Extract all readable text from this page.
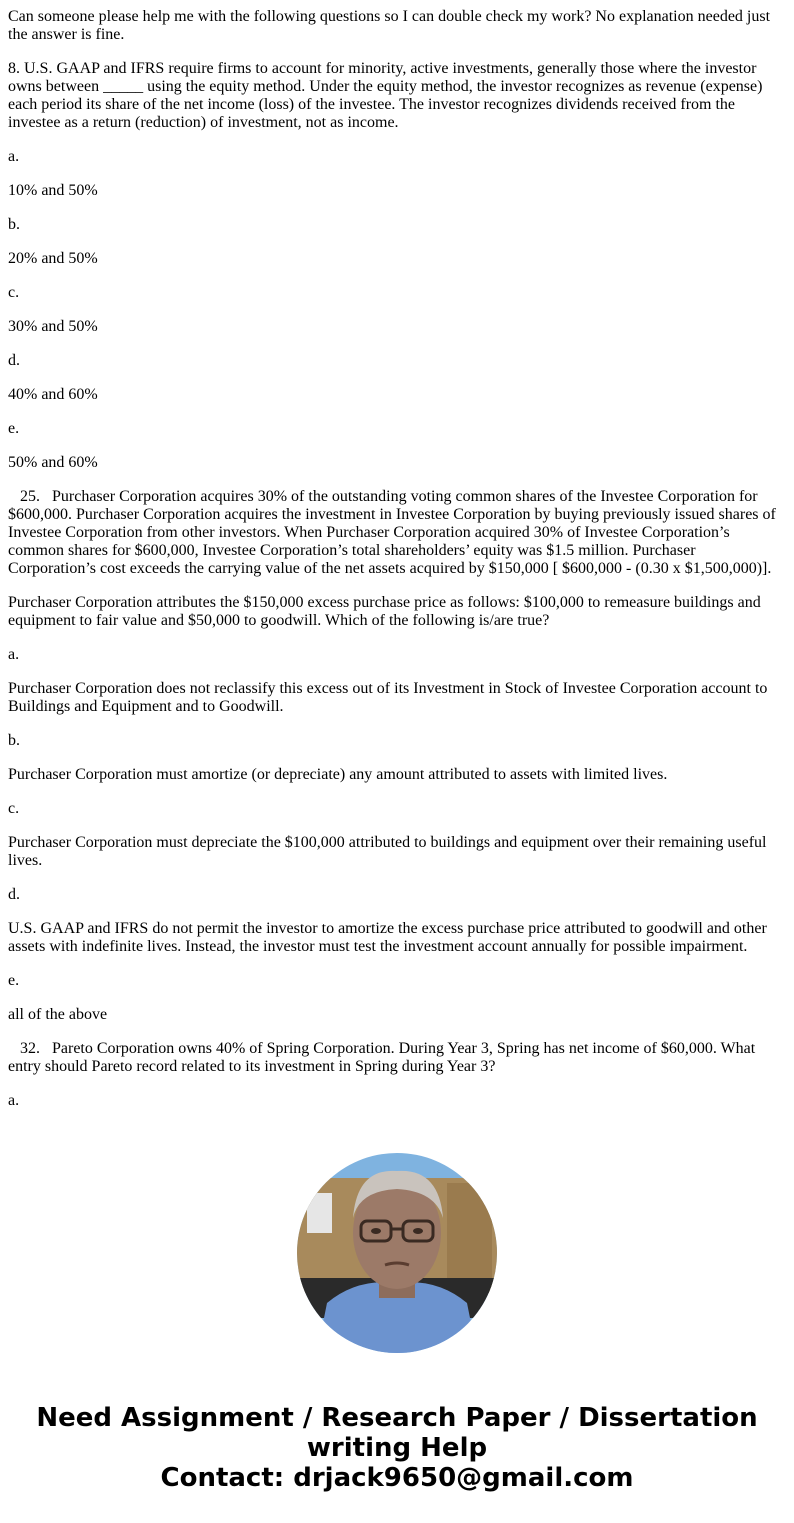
Can someone please help me with the following questions so I can double check my work? No explanation needed just the answer is fine.

8. U.S. GAAP and IFRS require firms to account for minority, active investments, generally those where the investor owns between _____ using the equity method. Under the equity method, the investor recognizes as revenue (expense) each period its share of the net income (loss) of the investee. The investor recognizes dividends received from the investee as a return (reduction) of investment, not as income.

a.

10% and 50%

b.

20% and 50%

c.

30% and 50%

d.

40% and 60%

e.

50% and 60%

25.   Purchaser Corporation acquires 30% of the outstanding voting common shares of the Investee Corporation for $600,000. Purchaser Corporation acquires the investment in Investee Corporation by buying previously issued shares of Investee Corporation from other investors. When Purchaser Corporation acquired 30% of Investee Corporation’s common shares for $600,000, Investee Corporation’s total shareholders’ equity was $1.5 million. Purchaser Corporation’s cost exceeds the carrying value of the net assets acquired by $150,000 [ $600,000 - (0.30 x $1,500,000)].

Purchaser Corporation attributes the $150,000 excess purchase price as follows: $100,000 to remeasure buildings and equipment to fair value and $50,000 to goodwill. Which of the following is/are true?

a.

Purchaser Corporation does not reclassify this excess out of its Investment in Stock of Investee Corporation account to Buildings and Equipment and to Goodwill.

b.

Purchaser Corporation must amortize (or depreciate) any amount attributed to assets with limited lives.

c.

Purchaser Corporation must depreciate the $100,000 attributed to buildings and equipment over their remaining useful lives.

d.

U.S. GAAP and IFRS do not permit the investor to amortize the excess purchase price attributed to goodwill and other assets with indefinite lives. Instead, the investor must test the investment account annually for possible impairment.

e.

all of the above

32.   Pareto Corporation owns 40% of Spring Corporation. During Year 3, Spring has net income of $60,000. What entry should Pareto record related to its investment in Spring during Year 3?

a.

Need Assignment / Research Paper / Dissertation
writing Help
Contact: drjack9650@gmail.com
